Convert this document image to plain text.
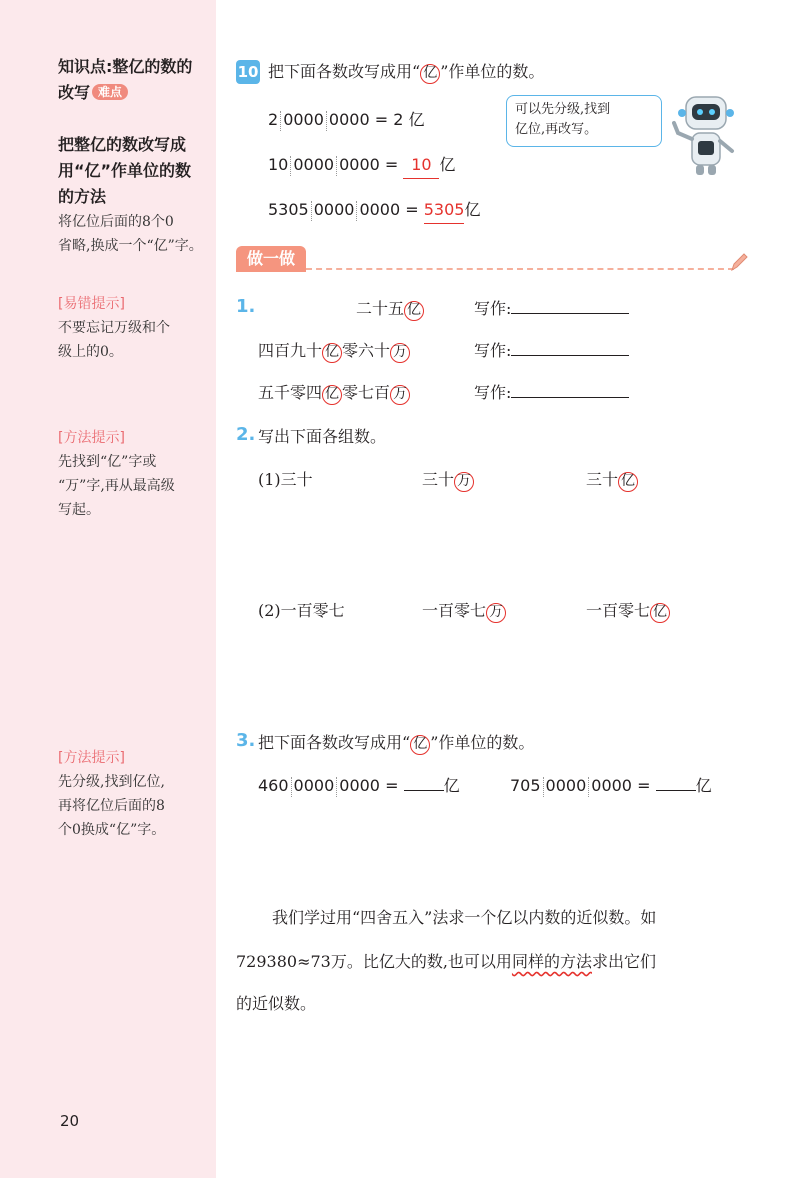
知识点:整亿的数的
改写 难点
把整亿的数改写成
用“亿”作单位的数
的方法
将亿位后面的8个0
省略,换成一个“亿”字。
[易错提示]
不要忘记万级和个
级上的0。
[方法提示]
先找到“亿”字或
“万”字,再从最高级
写起。
[方法提示]
先分级,找到亿位,
再将亿位后面的8
个0换成“亿”字。
20
10 把下面各数改写成用“ 亿 ”作单位的数。
2 0000 0000 = 2 亿
10 0000 0000 = 10 亿
5305 0000 0000 = 5305亿
可以先分级,找到
亿位,再改写。
做一做
1.	二十五 亿	写作:
四百九十 亿 零六十 万	写作:
五千零四 亿 零七百 万	写作:
2. 写出下面各组数。
(1)三十	三十 万	三十 亿
(2)一百零七	一百零七 万	一百零七 亿
3. 把下面各数改写成用“ 亿 ”作单位的数。
460 0000 0000 =	亿	705 0000 0000 =	亿
我们学过用“四舍五入”法求一个亿以内数的近似数。如
729380≈73万。比亿大的数,也可以用同样的方法求出它们
的近似数。
